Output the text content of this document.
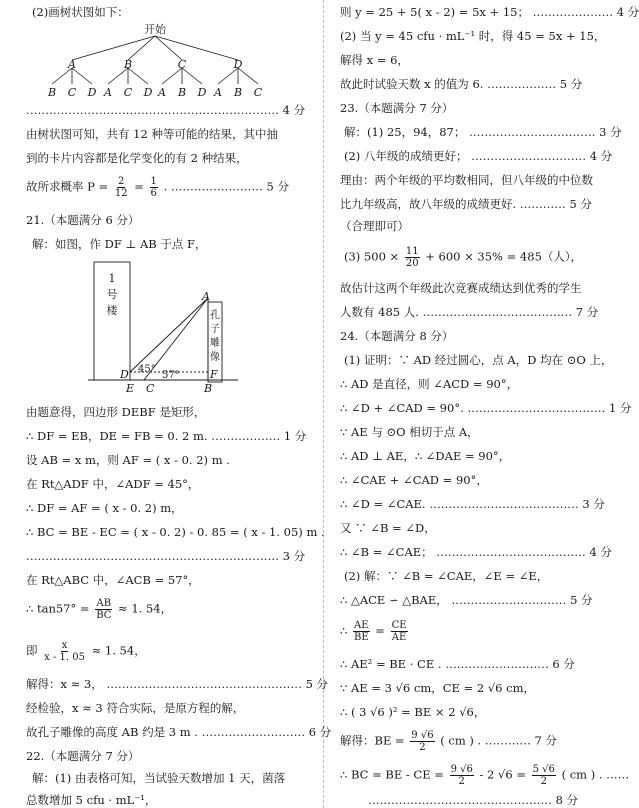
(2)画树状图如下：
开始
A	B	C	D
B C D A C D A B D A B C
………………………………………………………… 4 分
由树状图可知，共有 12 种等可能的结果，其中抽
到的卡片内容都是化学变化的有 2 种结果，
故所求概率 $P = \frac{2}{12} = \frac{1}{6}$ . …………………… 5 分
21.（本题满分 6 分）
解：如图，作 DF ⊥ AB 于点 F，
1
号
楼	孔
子
雕
像
A
D	F
E C	B
45°
57°
由题意得，四边形 DEBF 是矩形，
∴ DF = EB，DE = FB = 0. 2 m. ……………… 1 分
设 AB = x m，则 AF = ( x - 0. 2) m .
在 Rt△ADF 中，∠ADF = 45°，
∴ DF = AF = ( x - 0. 2) m，
∴ BC = BE - EC = ( x - 0. 2) - 0. 85 = ( x - 1. 05) m .
………………………………………………………… 3 分
在 Rt△ABC 中，∠ACB = 57°，
∴ $\tan 57^\circ = \frac{AB}{BC} \approx 1$. 54，
即 $\frac{x}{x - 1. 05} \approx 1$. 54，
解得：x ≈ 3， …………………………………………… 5 分
经检验，x ≈ 3 符合实际，是原方程的解，
故孔子雕像的高度 AB 约是 3 m . ……………………… 6 分
22.（本题满分 7 分）
解：(1) 由表格可知，当试验天数增加 1 天，菌落
总数增加 5 cfu · mL⁻¹，
则 y = 25 + 5( x - 2) = 5x + 15； ………………… 4 分
(2) 当 y = 45 cfu · mL⁻¹ 时，得 45 = 5x + 15，
解得 x = 6，
故此时试验天数 x 的值为 6. ……………… 5 分
23.（本题满分 7 分）
解：(1) 25，94，87； …………………………… 3 分
(2) 八年级的成绩更好； ………………………… 4 分
理由：两个年级的平均数相同，但八年级的中位数
比九年级高，故八年级的成绩更好. ………… 5 分
（合理即可）
(3) $500 \times \frac{11}{20} + 600 \times 35\% = 485$（人），
故估计这两个年级此次竞赛成绩达到优秀的学生
人数有 485 人. ………………………………… 7 分
24.（本题满分 8 分）
(1) 证明：∵ AD 经过圆心，点 A，D 均在 ⊙O 上，
∴ AD 是直径，则 ∠ACD = 90°，
∴ ∠D + ∠CAD = 90°. ……………………………… 1 分
∵ AE 与 ⊙O 相切于点 A，
∴ AD ⊥ AE，∴ ∠DAE = 90°，
∴ ∠CAE + ∠CAD = 90°，
∴ ∠D = ∠CAE. ………………………………… 3 分
又 ∵ ∠B = ∠D，
∴ ∠B = ∠CAE； ………………………………… 4 分
(2) 解：∵ ∠B = ∠CAE，∠E = ∠E，
∴ △ACE ∽ △BAE， ………………………… 5 分
∴ $\frac{AE}{BE} = \frac{CE}{AE}$
∴ AE² = BE · CE . ……………………… 6 分
∵ AE = 3 √6 cm，CE = 2 √6 cm，
∴ ( 3 √6 )² = BE × 2 √6，
解得：BE = $\frac{9 √6}{2}$ ( cm ) . ………… 7 分
∴ BC = BE - CE = $\frac{9 √6}{2} - 2$ $√6 = \frac{5 √6}{2}$ ( cm ) . ……
………………………………………… 8 分
